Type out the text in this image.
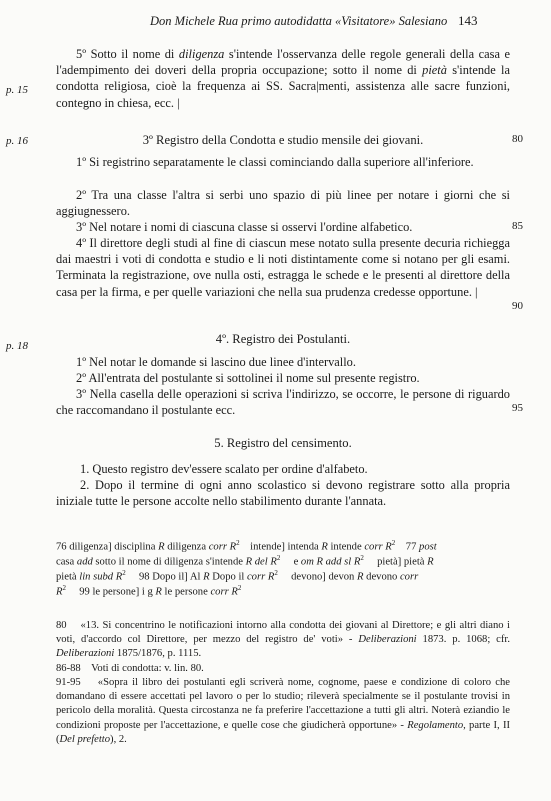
Don Michele Rua primo autodidatta «Visitatore» Salesiano 143
p. 15
p. 16
p. 18
80
85
90
95
5º Sotto il nome di diligenza s'intende l'osservanza delle regole generali della casa e l'adempimento dei doveri della propria occupazione; sotto il nome di pietà s'intende la condotta religiosa, cioè la frequenza ai SS. Sacra|menti, assistenza alle sacre funzioni, contegno in chiesa, ecc. |
3º Registro della Condotta e studio mensile dei giovani.
1º Si registrino separatamente le classi cominciando dalla superiore all'inferiore.
2º Tra una classe l'altra si serbi uno spazio di più linee per notare i giorni che si aggiugnessero.
3º Nel notare i nomi di ciascuna classe si osservi l'ordine alfabetico.
4º Il direttore degli studi al fine di ciascun mese notato sulla presente decuria richiegga dai maestri i voti di condotta e studio e li noti distintamente come si notano per gli esami. Terminata la registrazione, ove nulla osti, estragga le schede e le presenti al direttore della casa per la firma, e per quelle variazioni che nella sua prudenza credesse opportune. |
4º. Registro dei Postulanti.
1º Nel notar le domande si lascino due linee d'intervallo.
2º All'entrata del postulante si sottolinei il nome sul presente registro.
3º Nella casella delle operazioni si scriva l'indirizzo, se occorre, le persone di riguardo che raccomandano il postulante ecc.
5. Registro del censimento.
1. Questo registro dev'essere scalato per ordine d'alfabeto.
2. Dopo il termine di ogni anno scolastico si devono registrare sotto alla propria iniziale tutte le persone accolte nello stabilimento durante l'annata.
76 diligenza] disciplina R diligenza corr $R^2$    intende] intenda R intende corr $R^2$    77 post
casa add sotto il nome di diligenza s'intende R del $R^2$     e om R add sl $R^2$     pietà] pietà R
pietà lin subd $R^2$     98 Dopo il] Al R Dopo il corr $R^2$     devono] devon R devono corr
$R^2$     99 le persone] i g R le persone corr $R^2$
80    «13. Si concentrino le notificazioni intorno alla condotta dei giovani al Direttore; e gli altri diano i voti, d'accordo col Direttore, per mezzo del registro de' voti» - Deliberazioni 1873. p. 1068; cfr. Deliberazioni 1875/1876, p. 1115.
86-88    Voti di condotta: v. lin. 80.
91-95    «Sopra il libro dei postulanti egli scriverà nome, cognome, paese e condizione di coloro che domandano di essere accettati pel lavoro o per lo studio; rileverà specialmente se il postulante trovisi in pericolo della moralità. Questa circostanza ne fa preferire l'accettazione a tutti gli altri. Noterà eziandio le condizioni proposte per l'accettazione, e quelle cose che giudicherà opportune» - Regolamento, parte I, II (Del prefetto), 2.
